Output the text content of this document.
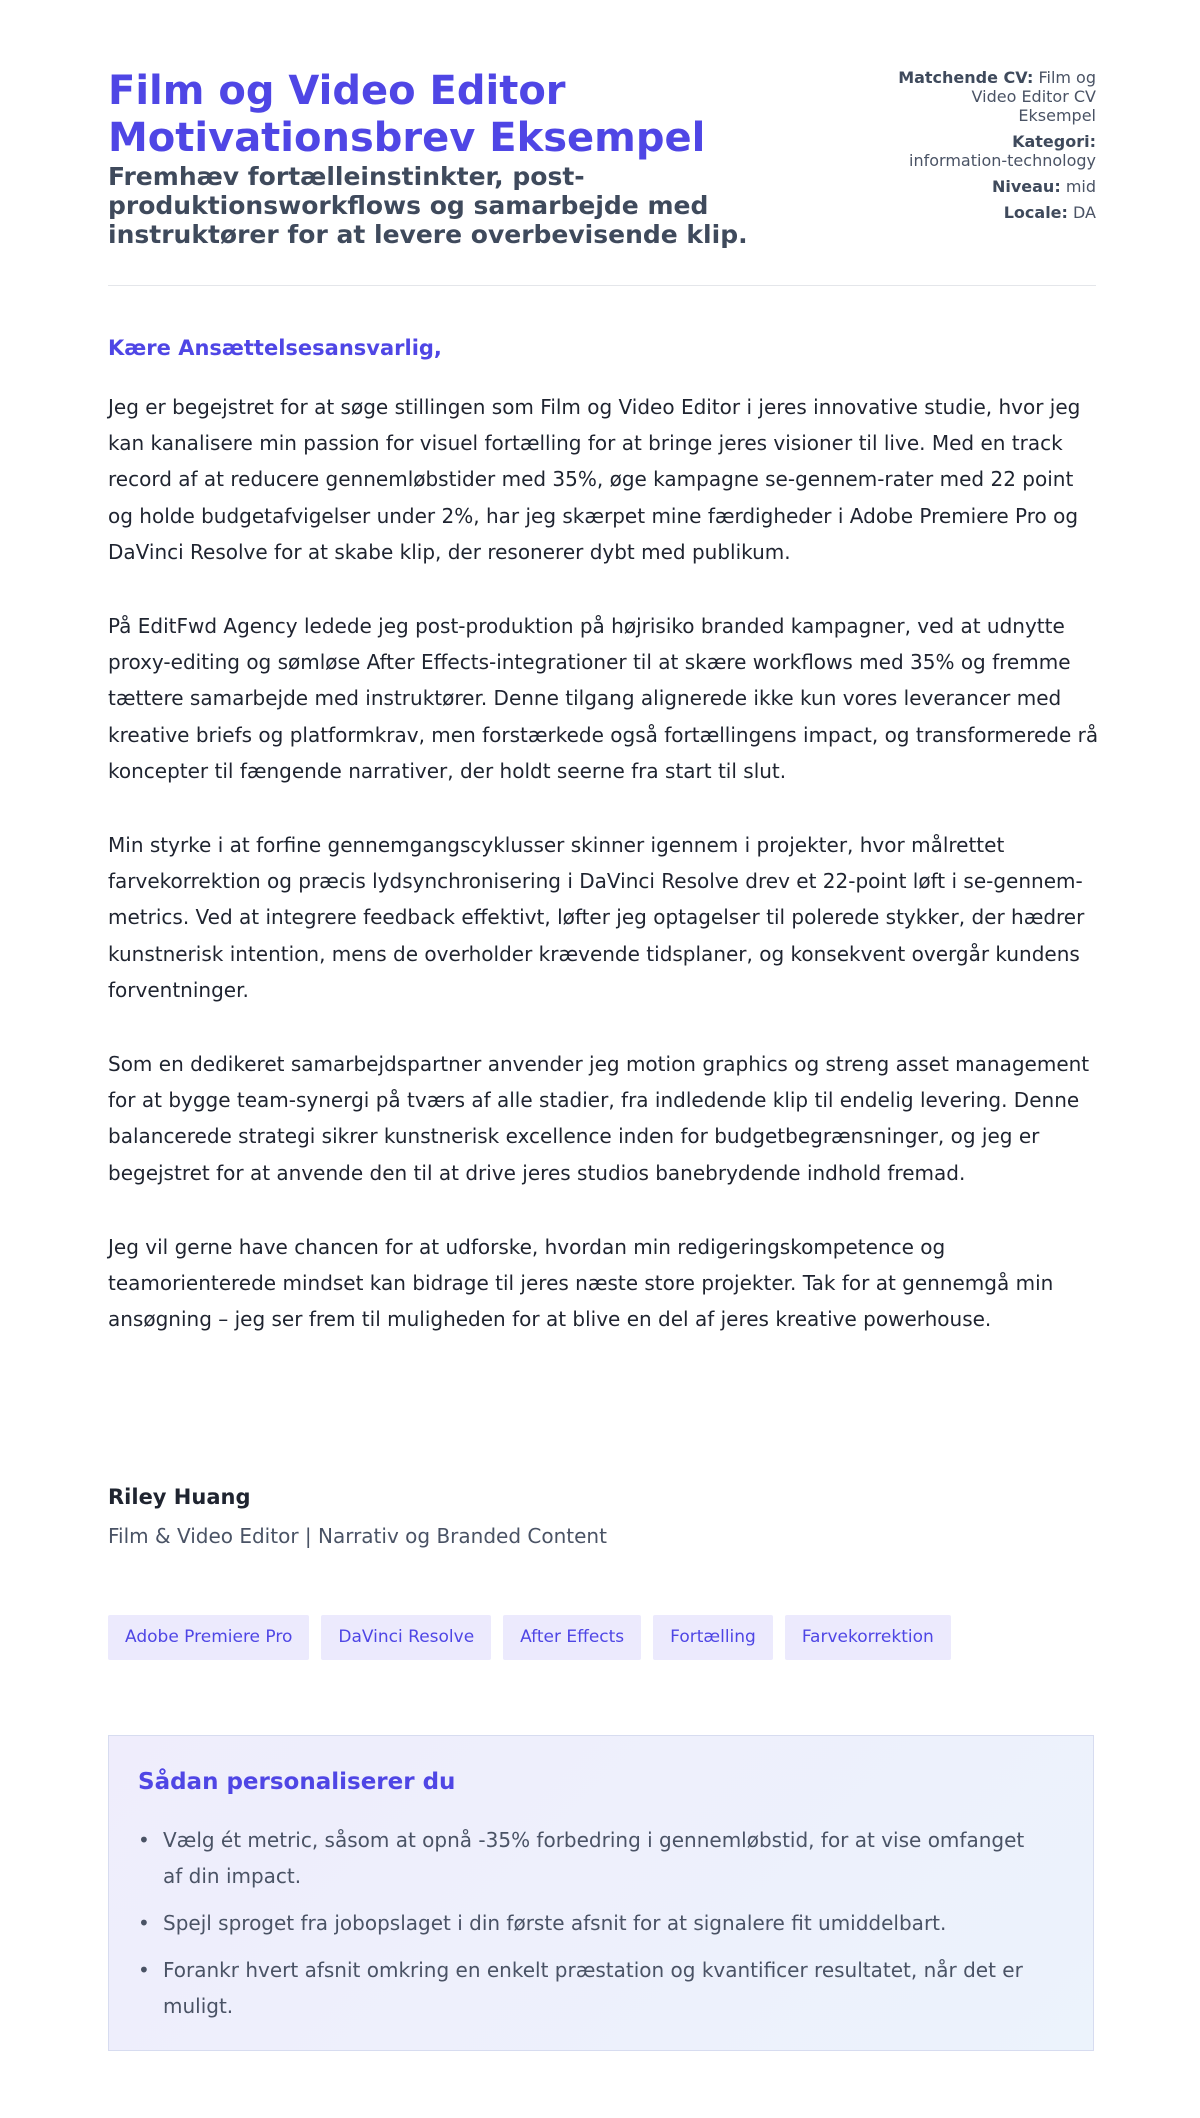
Film og Video Editor Motivationsbrev Eksempel
Fremhæv fortælleinstinkter, post-produktionsworkflows og samarbejde med instruktører for at levere overbevisende klip.
Matchende CV: Film og Video Editor CV Eksempel
Kategori:
information-technology
Niveau: mid
Locale: DA
Kære Ansættelsesansvarlig,

Jeg er begejstret for at søge stillingen som Film og Video Editor i jeres innovative studie, hvor jeg kan kanalisere min passion for visuel fortælling for at bringe jeres visioner til live. Med en track record af at reducere gennemløbstider med 35%, øge kampagne se-gennem-rater med 22 point og holde budgetafvigelser under 2%, har jeg skærpet mine færdigheder i Adobe Premiere Pro og DaVinci Resolve for at skabe klip, der resonerer dybt med publikum.

På EditFwd Agency ledede jeg post-produktion på højrisiko branded kampagner, ved at udnytte proxy-editing og sømløse After Effects-integrationer til at skære workflows med 35% og fremme tættere samarbejde med instruktører. Denne tilgang alignerede ikke kun vores leverancer med kreative briefs og platformkrav, men forstærkede også fortællingens impact, og transformerede rå koncepter til fængende narrativer, der holdt seerne fra start til slut.

Min styrke i at forfine gennemgangscyklusser skinner igennem i projekter, hvor målrettet farvekorrektion og præcis lydsynchronisering i DaVinci Resolve drev et 22-point løft i se-gennem-metrics. Ved at integrere feedback effektivt, løfter jeg optagelser til polerede stykker, der hædrer kunstnerisk intention, mens de overholder krævende tidsplaner, og konsekvent overgår kundens forventninger.

Som en dedikeret samarbejdspartner anvender jeg motion graphics og streng asset management for at bygge team-synergi på tværs af alle stadier, fra indledende klip til endelig levering. Denne balancerede strategi sikrer kunstnerisk excellence inden for budgetbegrænsninger, og jeg er begejstret for at anvende den til at drive jeres studios banebrydende indhold fremad.

Jeg vil gerne have chancen for at udforske, hvordan min redigeringskompetence og teamorienterede mindset kan bidrage til jeres næste store projekter. Tak for at gennemgå min ansøgning – jeg ser frem til muligheden for at blive en del af jeres kreative powerhouse.

Riley Huang
Film & Video Editor | Narrativ og Branded Content
Adobe Premiere Pro	DaVinci Resolve	After Effects	Fortælling	Farvekorrektion
Sådan personaliserer du
• Vælg ét metric, såsom at opnå -35% forbedring i gennemløbstid, for at vise omfanget af din impact.
• Spejl sproget fra jobopslaget i din første afsnit for at signalere fit umiddelbart.
• Forankr hvert afsnit omkring en enkelt præstation og kvantificer resultatet, når det er muligt.
